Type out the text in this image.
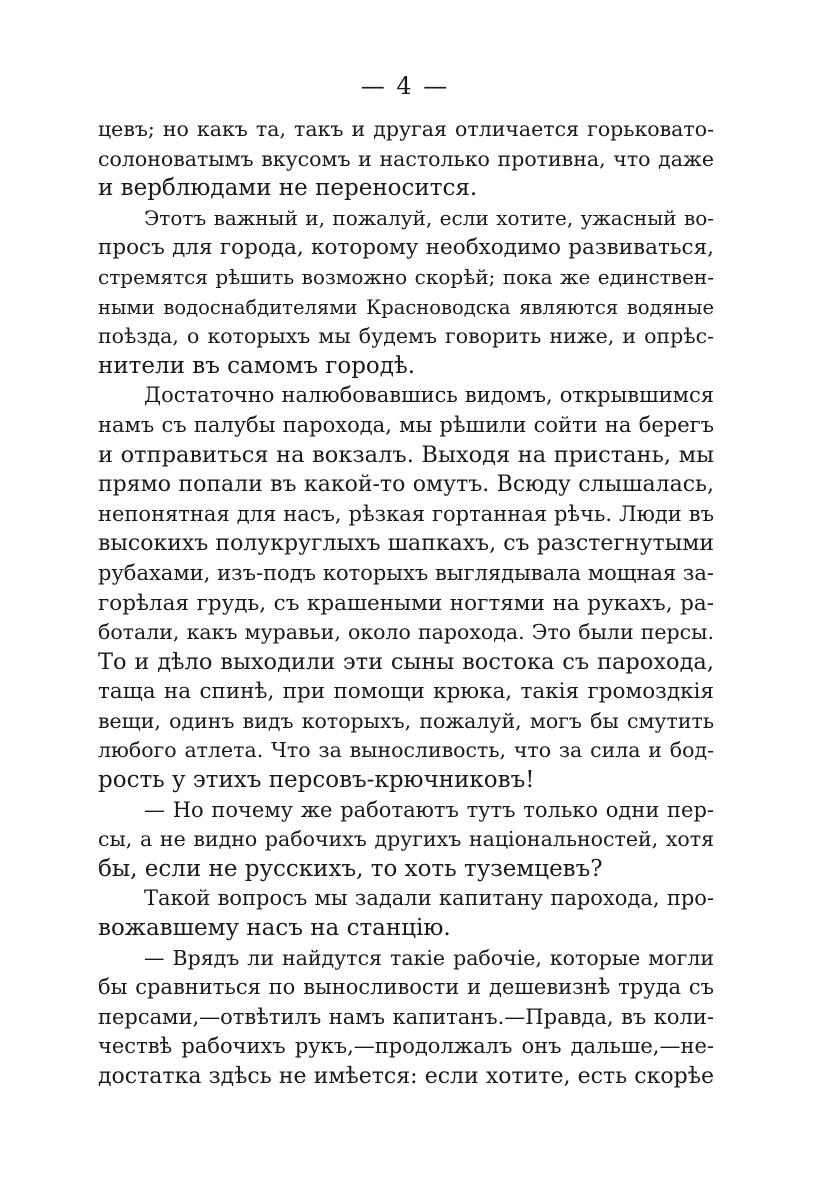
— 4 —
цевъ; но какъ та, такъ и другая отличается горьковато-
солоноватымъ вкусомъ и настолько противна, что даже
и верблюдами не переносится.
Этотъ важный и, пожалуй, если хотите, ужасный во-
просъ для города, которому необходимо развиваться,
стремятся рѣшить возможно скорѣй; пока же единствен-
ными водоснабдителями Красноводска являются водяные
поѣзда, о которыхъ мы будемъ говорить ниже, и опрѣс-
нители въ самомъ городѣ.
Достаточно налюбовавшись видомъ, открывшимся
намъ съ палубы парохода, мы рѣшили сойти на берегъ
и отправиться на вокзалъ. Выходя на пристань, мы
прямо попали въ какой-то омутъ. Всюду слышалась,
непонятная для насъ, рѣзкая гортанная рѣчь. Люди въ
высокихъ полукруглыхъ шапкахъ, съ разстегнутыми
рубахами, изъ-подъ которыхъ выглядывала мощная за-
горѣлая грудь, съ крашеными ногтями на рукахъ, ра-
ботали, какъ муравьи, около парохода. Это были персы.
То и дѣло выходили эти сыны востока съ парохода,
таща на спинѣ, при помощи крюка, такія громоздкія
вещи, одинъ видъ которыхъ, пожалуй, могъ бы смутить
любого атлета. Что за выносливость, что за сила и бод-
рость у этихъ персовъ-крючниковъ!
— Но почему же работаютъ тутъ только одни пер-
сы, а не видно рабочихъ другихъ національностей, хотя
бы, если не русскихъ, то хоть туземцевъ?
Такой вопросъ мы задали капитану парохода, про-
вожавшему насъ на станцію.
— Врядъ ли найдутся такіе рабочіе, которые могли
бы сравниться по выносливости и дешевизнѣ труда съ
персами,—отвѣтилъ намъ капитанъ.—Правда, въ коли-
чествѣ рабочихъ рукъ,—продолжалъ онъ дальше,—не-
достатка здѣсь не имѣется: если хотите, есть скорѣе
